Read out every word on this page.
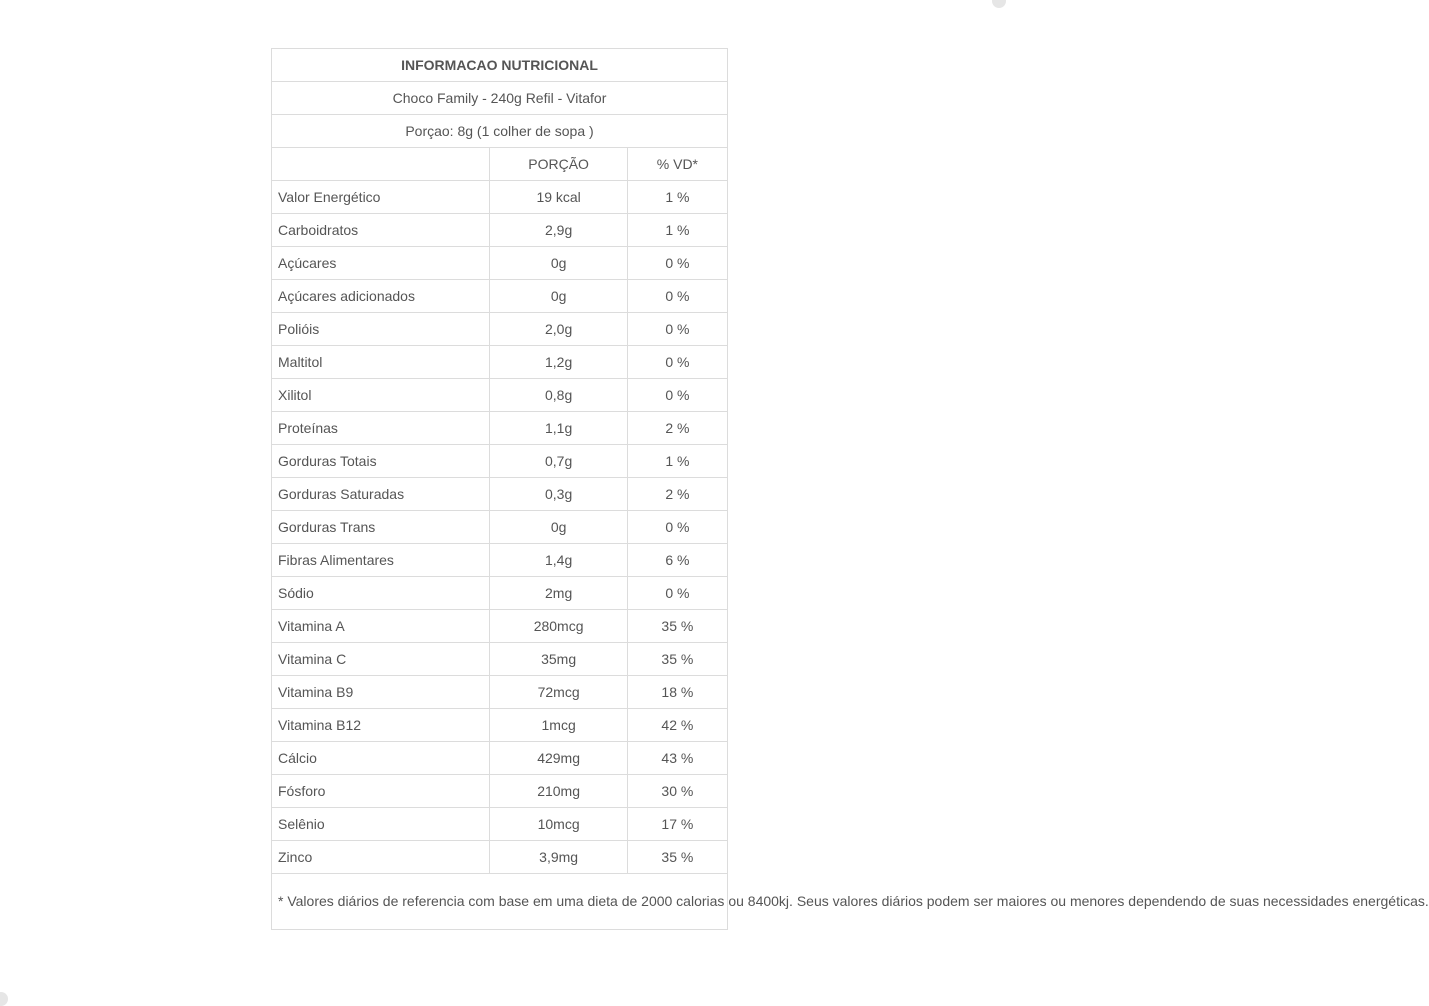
INFORMACAO NUTRICIONAL		
Choco Family - 240g Refil - Vitafor		
Porçao: 8g (1 colher de sopa )		
	PORÇÃO	% VD*
Valor Energético	19 kcal	1 %
Carboidratos	2,9g	1 %
Açúcares	0g	0 %
Açúcares adicionados	0g	0 %
Polióis	2,0g	0 %
Maltitol	1,2g	0 %
Xilitol	0,8g	0 %
Proteínas	1,1g	2 %
Gorduras Totais	0,7g	1 %
Gorduras Saturadas	0,3g	2 %
Gorduras Trans	0g	0 %
Fibras Alimentares	1,4g	6 %
Sódio	2mg	0 %
Vitamina A	280mcg	35 %
Vitamina C	35mg	35 %
Vitamina B9	72mcg	18 %
Vitamina B12	1mcg	42 %
Cálcio	429mg	43 %
Fósforo	210mg	30 %
Selênio	10mcg	17 %
Zinco	3,9mg	35 %
* Valores diários de referencia com base em uma dieta de 2000 calorias ou 8400kj. Seus valores diários podem ser maiores ou menores dependendo de suas necessidades energéticas.		
